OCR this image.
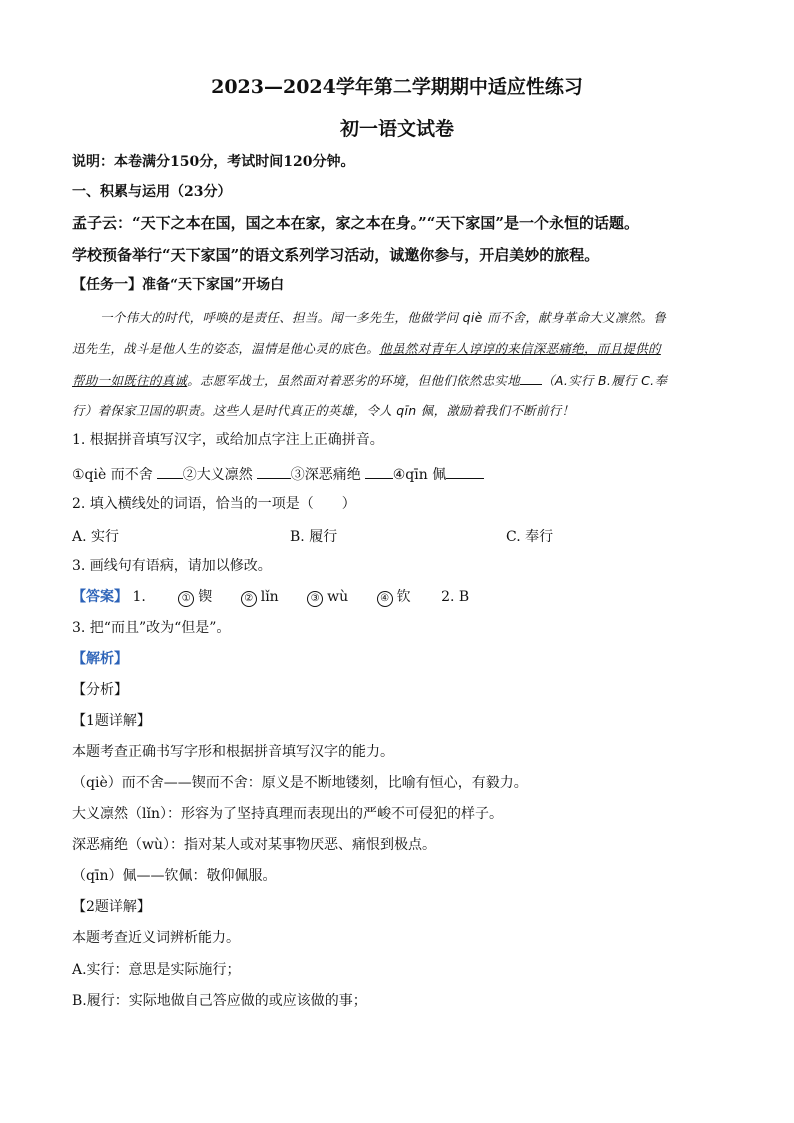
2023—2024学年第二学期期中适应性练习
初一语文试卷
说明：本卷满分150分，考试时间120分钟。
一、积累与运用（23分）
孟子云：“天下之本在国，国之本在家，家之本在身。”“天下家国”是一个永恒的话题。
学校预备举行“天下家国”的语文系列学习活动，诚邀你参与，开启美妙的旅程。
【任务一】准备“天下家国”开场白
一个伟大的时代，呼唤的是责任、担当。闻一多先生，他做学问 qiè 而不舍，献身革命大义凛然。鲁
迅先生，战斗是他人生的姿态，温情是他心灵的底色。他虽然对青年人谆谆的来信深恶痛绝，而且提供的
帮助一如既往的真诚。志愿军战士，虽然面对着恶劣的环境，但他们依然忠实地 （A.实行 B.履行 C.奉
行）着保家卫国的职责。这些人是时代真正的英雄，令人 qīn 佩，激励着我们不断前行！
1. 根据拼音填写汉字，或给加点字注上正确拼音。
①qiè 而不舍 ②大义凛然	③深恶痛绝 ④qīn 佩
2. 填入横线处的词语，恰当的一项是（　　）
A. 实行	B. 履行	C. 奉行
3. 画线句有语病，请加以修改。
【答案】 1.	① 锲	② lǐn	③ wù	④ 钦 2. B
3. 把“而且”改为“但是”。
【解析】
【分析】
【1题详解】
本题考查正确书写字形和根据拼音填写汉字的能力。
（qiè）而不舍——锲而不舍：原义是不断地镂刻，比喻有恒心，有毅力。
大义凛然（lǐn）：形容为了坚持真理而表现出的严峻不可侵犯的样子。
深恶痛绝（wù）：指对某人或对某事物厌恶、痛恨到极点。
（qīn）佩——钦佩：敬仰佩服。
【2题详解】
本题考查近义词辨析能力。
A.实行：意思是实际施行；
B.履行：实际地做自己答应做的或应该做的事；
